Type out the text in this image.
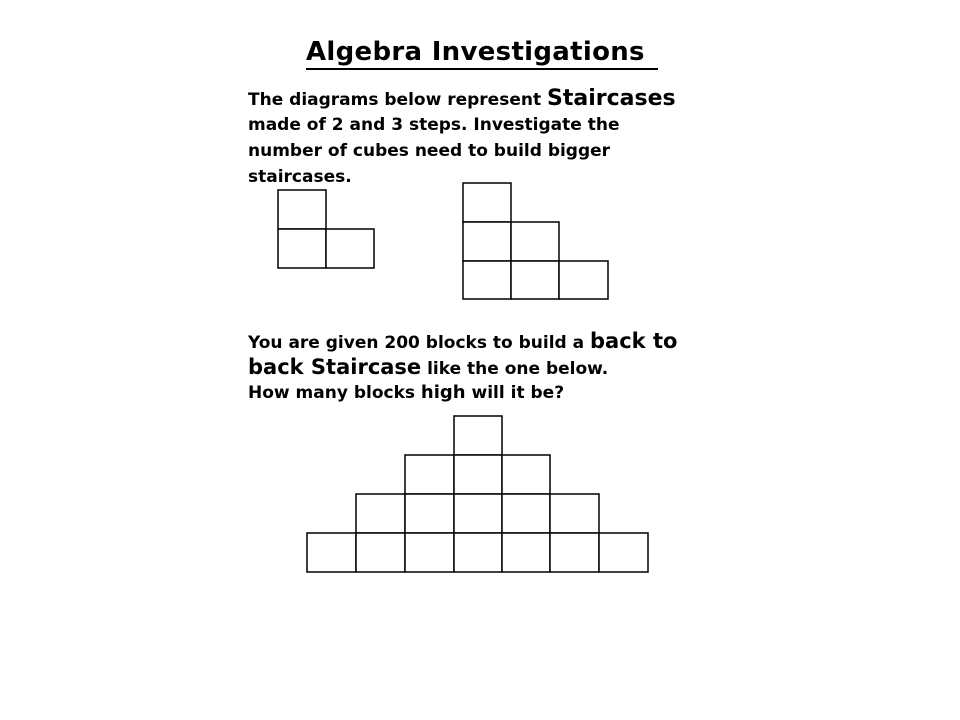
Algebra Investigations
The diagrams below represent Staircases
made of 2 and 3 steps. Investigate the
number of cubes need to build bigger
staircases.
You are given 200 blocks to build a back to
back Staircase like the one below.
How many blocks high will it be?
